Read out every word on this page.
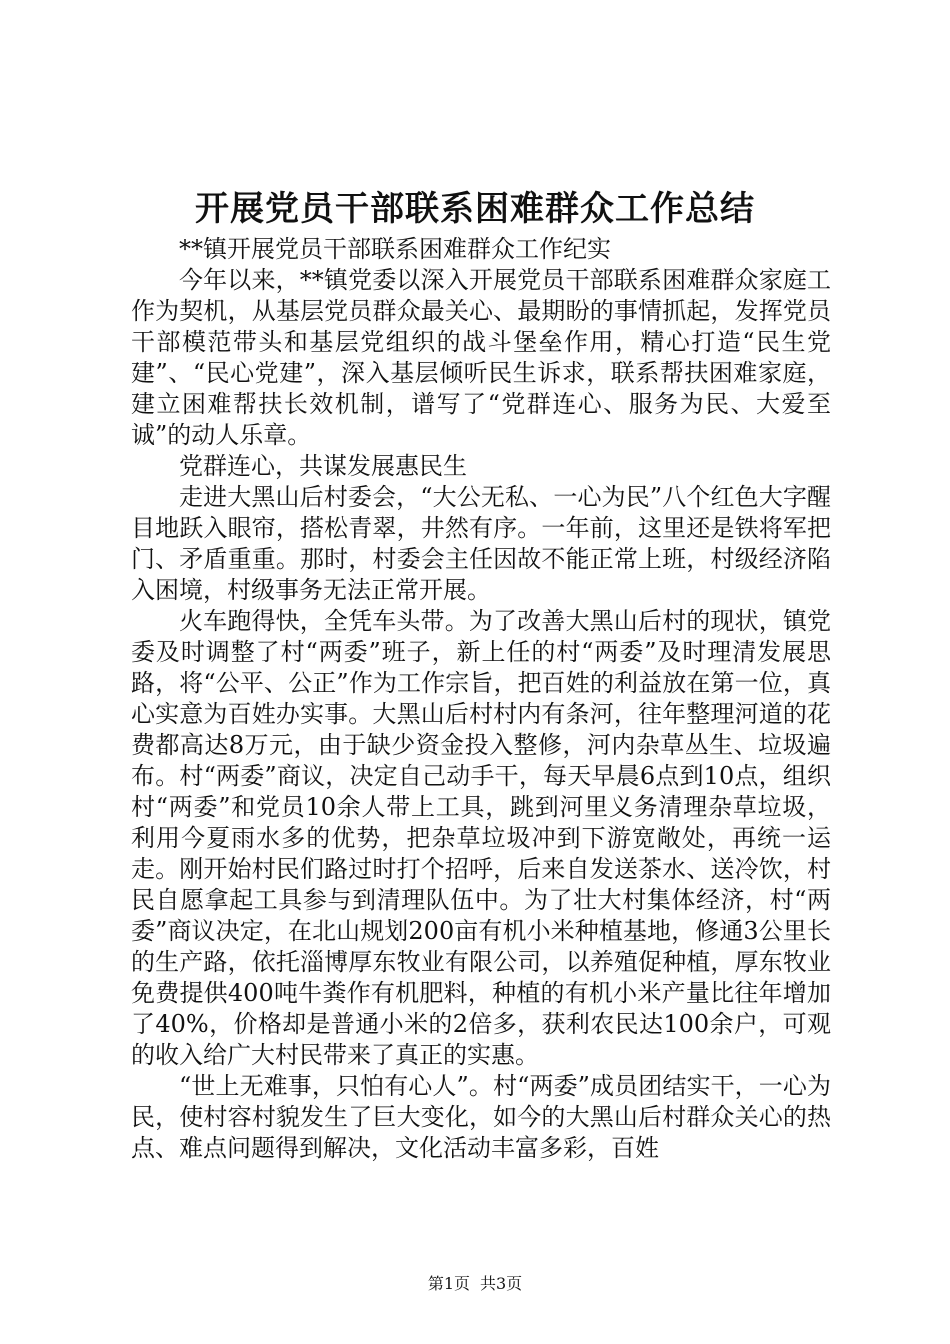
开展党员干部联系困难群众工作总结

**镇开展党员干部联系困难群众工作纪实

今年以来，**镇党委以深入开展党员干部联系困难群众家庭工作为契机，从基层党员群众最关心、最期盼的事情抓起，发挥党员干部模范带头和基层党组织的战斗堡垒作用，精心打造“民生党建”、“民心党建”，深入基层倾听民生诉求，联系帮扶困难家庭，建立困难帮扶长效机制，谱写了“党群连心、服务为民、大爱至诚”的动人乐章。

党群连心，共谋发展惠民生

走进大黑山后村委会，“大公无私、一心为民”八个红色大字醒目地跃入眼帘，搭松青翠，井然有序。一年前，这里还是铁将军把门、矛盾重重。那时，村委会主任因故不能正常上班，村级经济陷入困境，村级事务无法正常开展。

火车跑得快，全凭车头带。为了改善大黑山后村的现状，镇党委及时调整了村“两委”班子，新上任的村“两委”及时理清发展思路，将“公平、公正”作为工作宗旨，把百姓的利益放在第一位，真心实意为百姓办实事。大黑山后村村内有条河，往年整理河道的花费都高达8万元，由于缺少资金投入整修，河内杂草丛生、垃圾遍布。村“两委”商议，决定自己动手干，每天早晨6点到10点，组织村“两委”和党员10余人带上工具，跳到河里义务清理杂草垃圾，利用今夏雨水多的优势，把杂草垃圾冲到下游宽敞处，再统一运走。刚开始村民们路过时打个招呼，后来自发送茶水、送冷饮，村民自愿拿起工具参与到清理队伍中。为了壮大村集体经济，村“两委”商议决定，在北山规划200亩有机小米种植基地，修通3公里长的生产路，依托淄博厚东牧业有限公司，以养殖促种植，厚东牧业免费提供400吨牛粪作有机肥料，种植的有机小米产量比往年增加了40%，价格却是普通小米的2倍多，获利农民达100余户，可观的收入给广大村民带来了真正的实惠。

“世上无难事，只怕有心人”。村“两委”成员团结实干，一心为民，使村容村貌发生了巨大变化，如今的大黑山后村群众关心的热点、难点问题得到解决，文化活动丰富多彩，百姓

第1页 共3页
